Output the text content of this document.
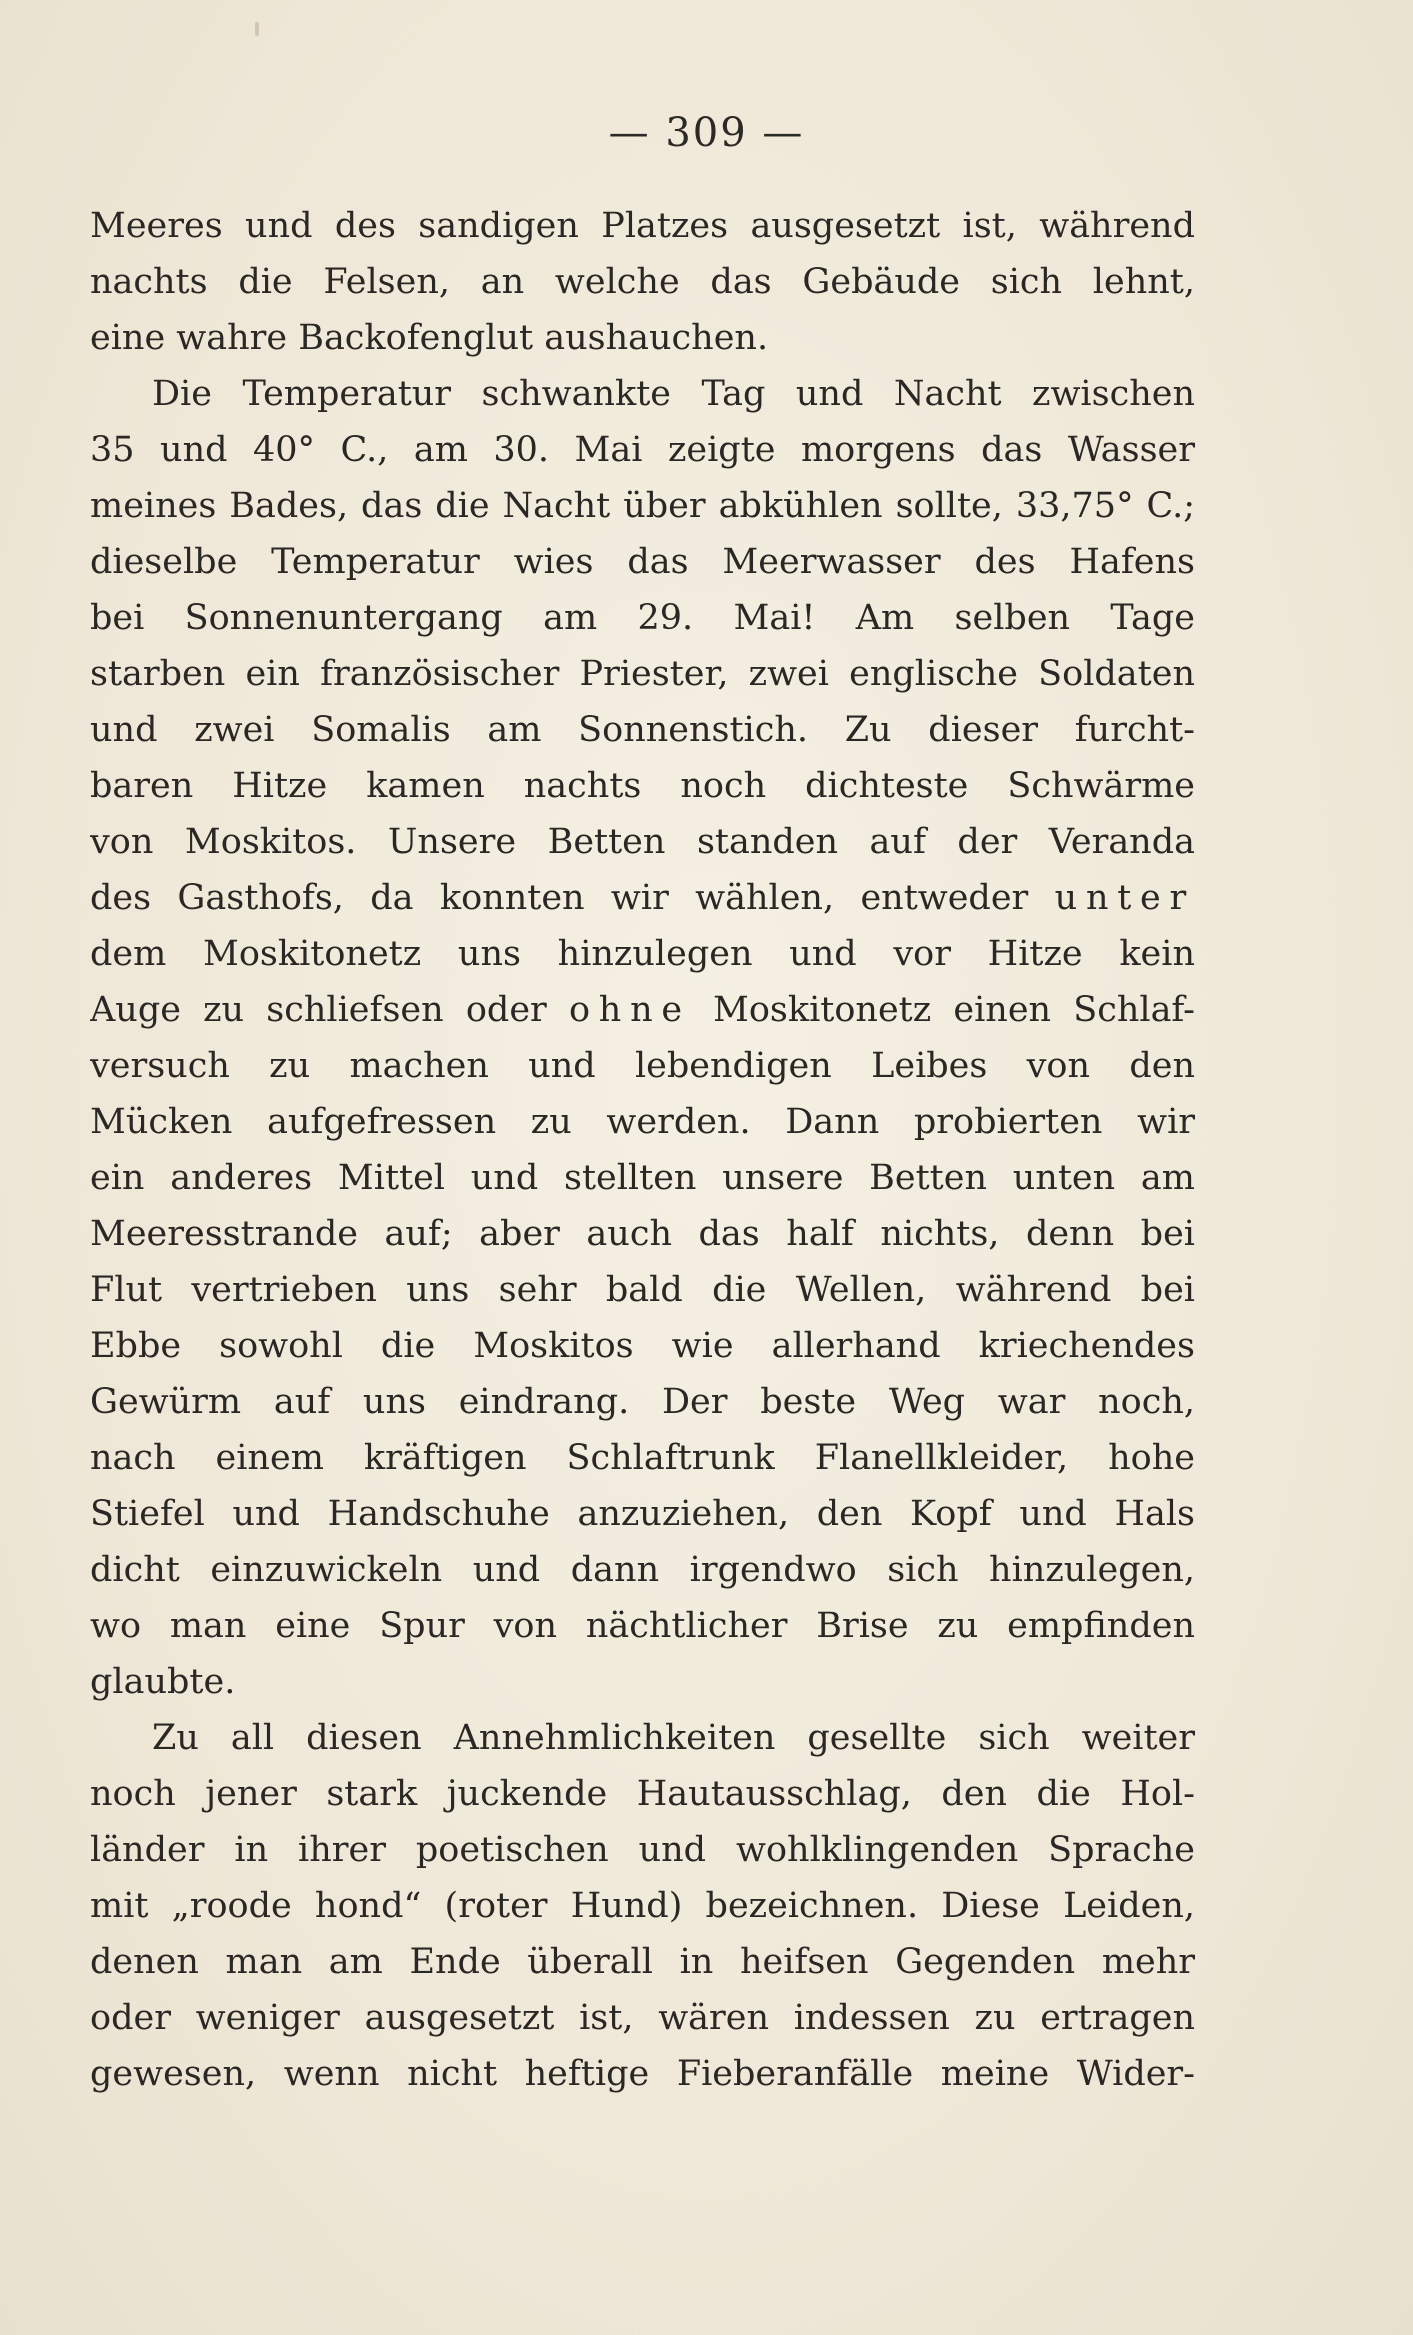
— 309 —
Meeres und des sandigen Platzes ausgesetzt ist, während
nachts die Felsen, an welche das Gebäude sich lehnt,
eine wahre Backofenglut aushauchen.
Die Temperatur schwankte Tag und Nacht zwischen
35 und 40° C., am 30. Mai zeigte morgens das Wasser
meines Bades, das die Nacht über abkühlen sollte, 33,75° C.;
dieselbe Temperatur wies das Meerwasser des Hafens
bei Sonnenuntergang am 29. Mai! Am selben Tage
starben ein französischer Priester, zwei englische Soldaten
und zwei Somalis am Sonnenstich. Zu dieser furcht-
baren Hitze kamen nachts noch dichteste Schwärme
von Moskitos. Unsere Betten standen auf der Veranda
des Gasthofs, da konnten wir wählen, entweder unter
dem Moskitonetz uns hinzulegen und vor Hitze kein
Auge zu schliefsen oder ohne Moskitonetz einen Schlaf-
versuch zu machen und lebendigen Leibes von den
Mücken aufgefressen zu werden. Dann probierten wir
ein anderes Mittel und stellten unsere Betten unten am
Meeresstrande auf; aber auch das half nichts, denn bei
Flut vertrieben uns sehr bald die Wellen, während bei
Ebbe sowohl die Moskitos wie allerhand kriechendes
Gewürm auf uns eindrang. Der beste Weg war noch,
nach einem kräftigen Schlaftrunk Flanellkleider, hohe
Stiefel und Handschuhe anzuziehen, den Kopf und Hals
dicht einzuwickeln und dann irgendwo sich hinzulegen,
wo man eine Spur von nächtlicher Brise zu empfinden
glaubte.
Zu all diesen Annehmlichkeiten gesellte sich weiter
noch jener stark juckende Hautausschlag, den die Hol-
länder in ihrer poetischen und wohlklingenden Sprache
mit „roode hond“ (roter Hund) bezeichnen. Diese Leiden,
denen man am Ende überall in heifsen Gegenden mehr
oder weniger ausgesetzt ist, wären indessen zu ertragen
gewesen, wenn nicht heftige Fieberanfälle meine Wider-
